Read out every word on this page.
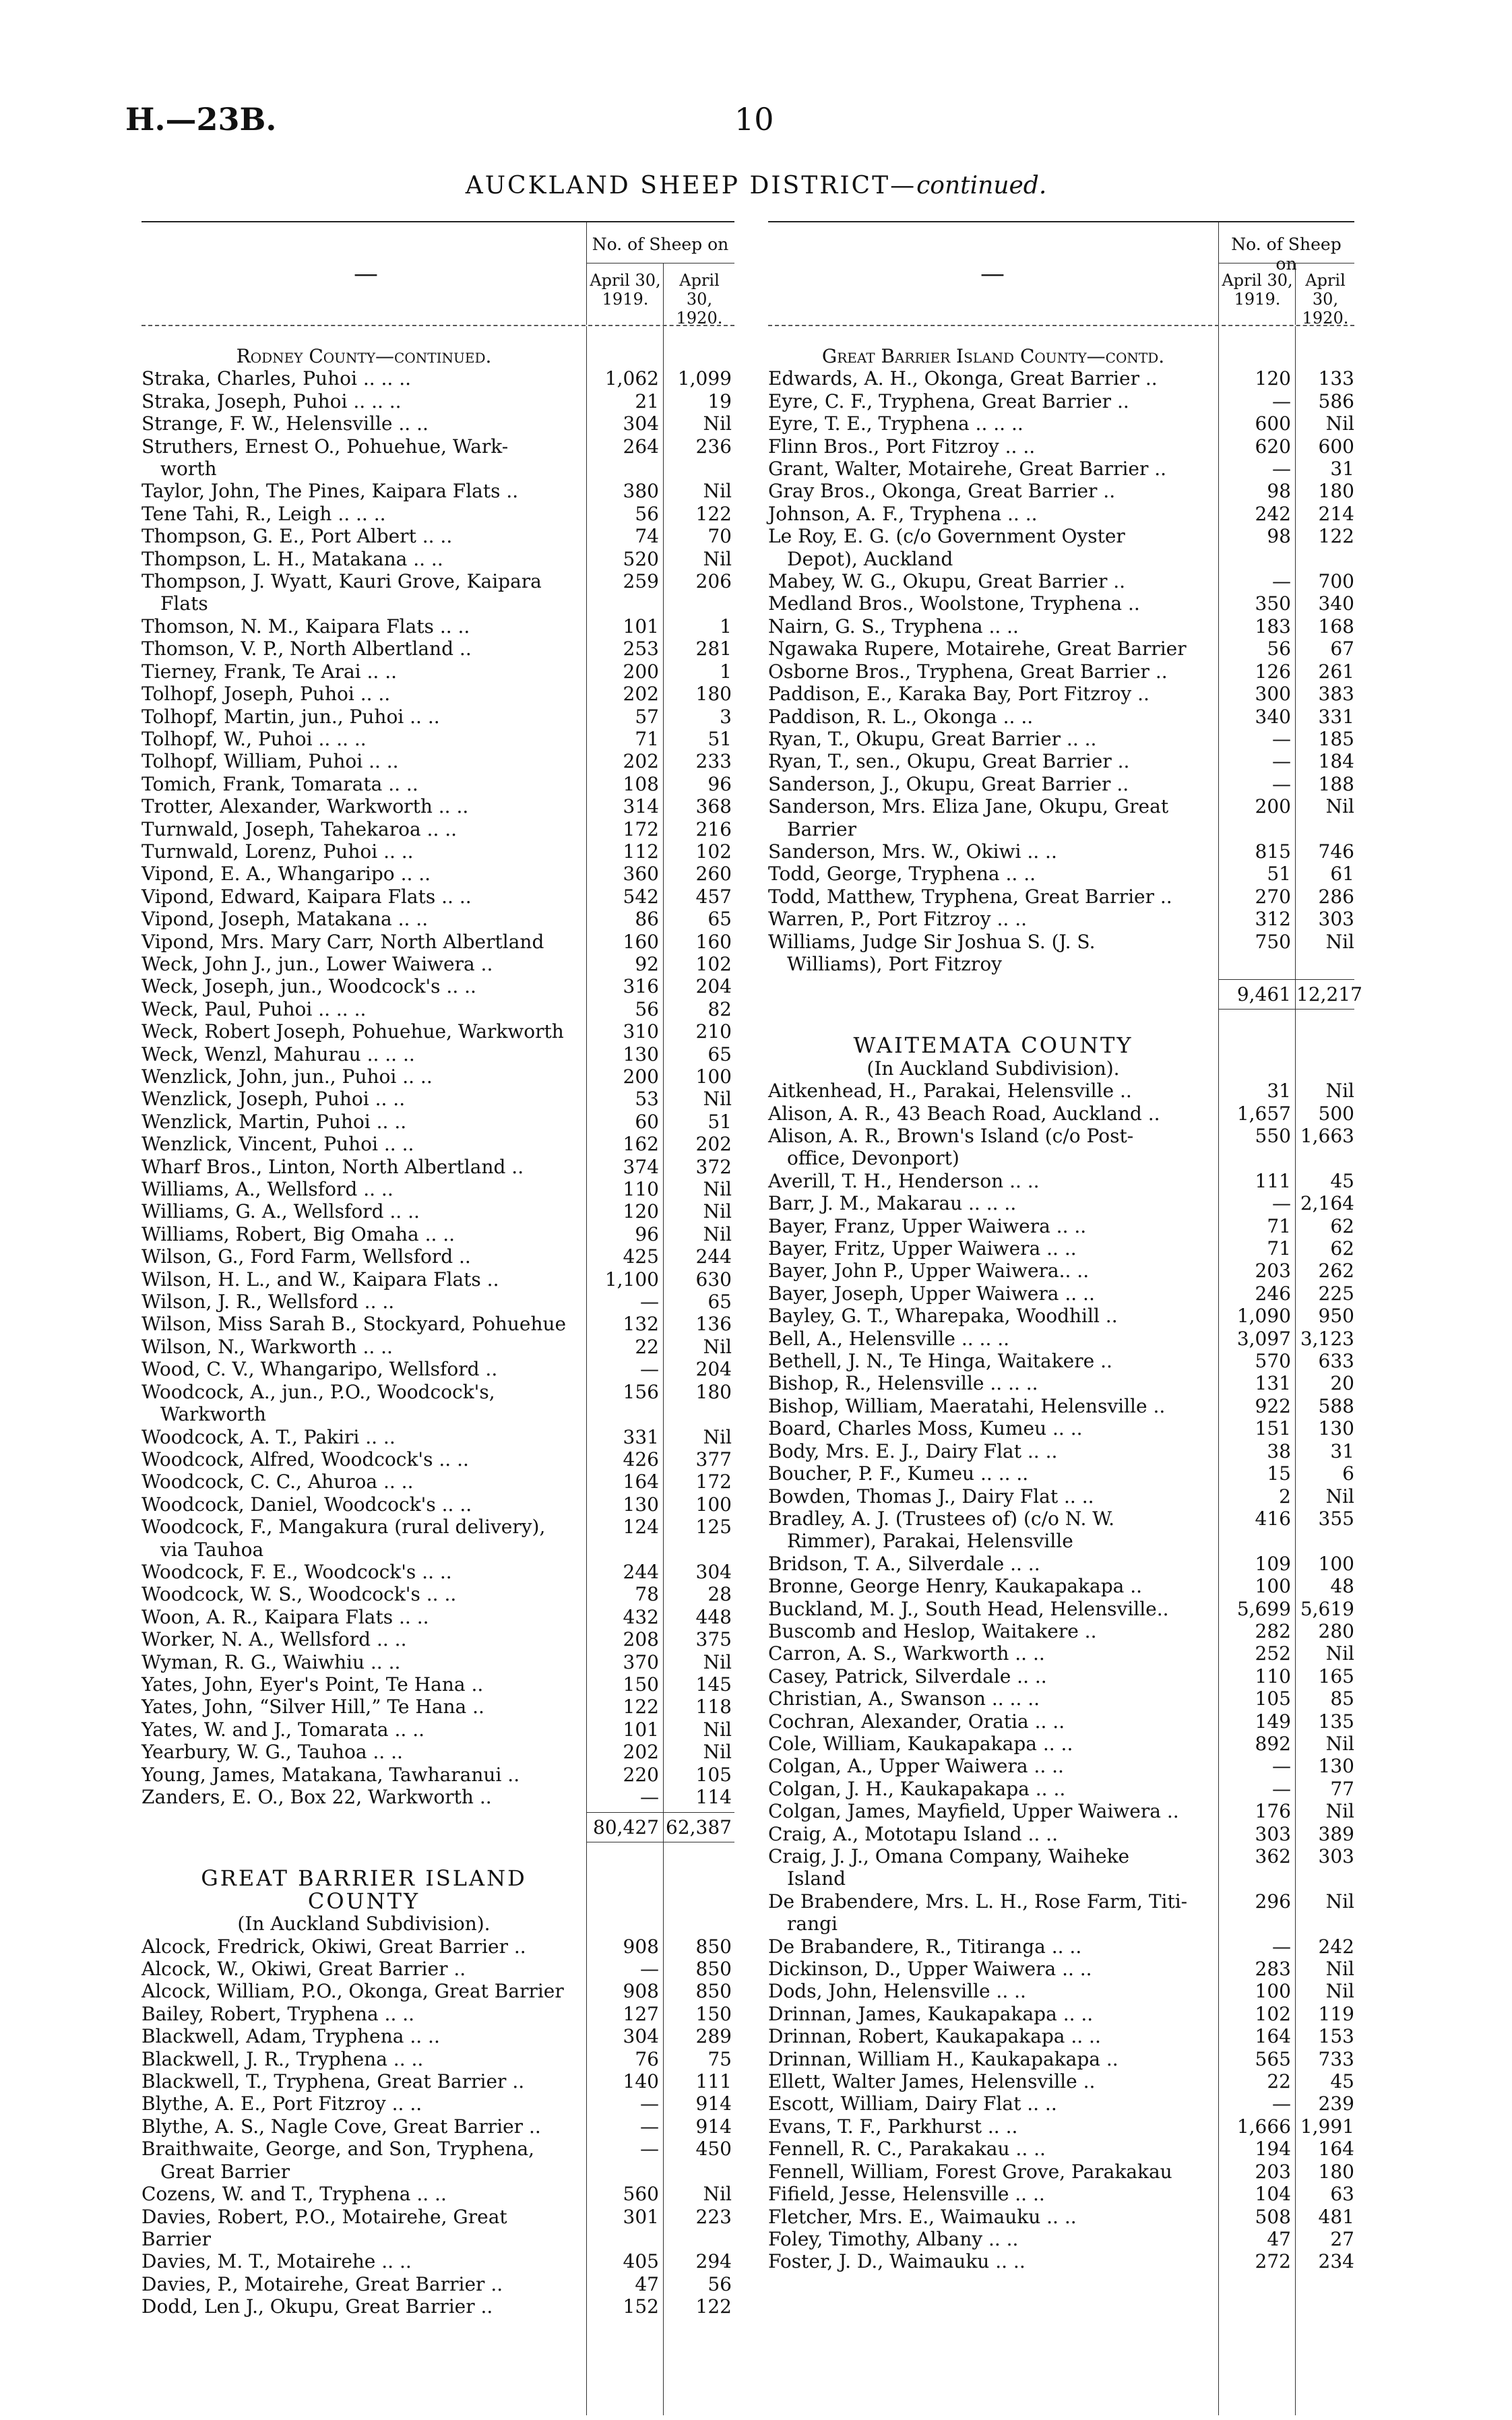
H.—23B.	10
AUCKLAND SHEEP DISTRICT—continued.
—
No. of Sheep on
April 30,
1919.
April 30,
1920.
Rodney County—continued.
Straka, Charles, Puhoi .. .. ..	1,062 1,099
Straka, Joseph, Puhoi .. .. ..	21	19
Strange, F. W., Helensville .. ..	304	Nil
Struthers, Ernest O., Pohuehue, Wark-
worth
264	236
Taylor, John, The Pines, Kaipara Flats ..	380	Nil
Tene Tahi, R., Leigh .. .. ..	56	122
Thompson, G. E., Port Albert .. ..	74	70
Thompson, L. H., Matakana .. ..	520	Nil
Thompson, J. Wyatt, Kauri Grove, Kaipara
Flats
259	206
Thomson, N. M., Kaipara Flats .. ..	101	1
Thomson, V. P., North Albertland ..	253	281
Tierney, Frank, Te Arai .. ..	200	1
Tolhopf, Joseph, Puhoi .. ..	202	180
Tolhopf, Martin, jun., Puhoi .. ..	57	3
Tolhopf, W., Puhoi .. .. ..	71	51
Tolhopf, William, Puhoi .. ..	202	233
Tomich, Frank, Tomarata .. ..	108	96
Trotter, Alexander, Warkworth .. ..	314	368
Turnwald, Joseph, Tahekaroa .. ..	172	216
Turnwald, Lorenz, Puhoi .. ..	112	102
Vipond, E. A., Whangaripo .. ..	360	260
Vipond, Edward, Kaipara Flats .. ..	542	457
Vipond, Joseph, Matakana .. ..	86	65
Vipond, Mrs. Mary Carr, North Albertland	160	160
Weck, John J., jun., Lower Waiwera ..	92	102
Weck, Joseph, jun., Woodcock's .. ..	316	204
Weck, Paul, Puhoi .. .. ..	56	82
Weck, Robert Joseph, Pohuehue, Warkworth	310	210
Weck, Wenzl, Mahurau .. .. ..	130	65
Wenzlick, John, jun., Puhoi .. ..	200	100
Wenzlick, Joseph, Puhoi .. ..	53	Nil
Wenzlick, Martin, Puhoi .. ..	60	51
Wenzlick, Vincent, Puhoi .. ..	162	202
Wharf Bros., Linton, North Albertland ..	374	372
Williams, A., Wellsford .. ..	110	Nil
Williams, G. A., Wellsford .. ..	120	Nil
Williams, Robert, Big Omaha .. ..	96	Nil
Wilson, G., Ford Farm, Wellsford ..	425	244
Wilson, H. L., and W., Kaipara Flats ..	1,100	630
Wilson, J. R., Wellsford .. ..	—	65
Wilson, Miss Sarah B., Stockyard, Pohuehue	132	136
Wilson, N., Warkworth .. ..	22	Nil
Wood, C. V., Whangaripo, Wellsford ..	—	204
Woodcock, A., jun., P.O., Woodcock's,
Warkworth
156	180
Woodcock, A. T., Pakiri .. ..	331	Nil
Woodcock, Alfred, Woodcock's .. ..	426	377
Woodcock, C. C., Ahuroa .. ..	164	172
Woodcock, Daniel, Woodcock's .. ..	130	100
Woodcock, F., Mangakura (rural delivery),
via Tauhoa
124	125
Woodcock, F. E., Woodcock's .. ..	244	304
Woodcock, W. S., Woodcock's .. ..	78	28
Woon, A. R., Kaipara Flats .. ..	432	448
Worker, N. A., Wellsford .. ..	208	375
Wyman, R. G., Waiwhiu .. ..	370	Nil
Yates, John, Eyer's Point, Te Hana ..	150	145
Yates, John, “Silver Hill,” Te Hana ..	122	118
Yates, W. and J., Tomarata .. ..	101	Nil
Yearbury, W. G., Tauhoa .. ..	202	Nil
Young, James, Matakana, Tawharanui ..	220	105
Zanders, E. O., Box 22, Warkworth ..	—	114
80,427 62,387
GREAT BARRIER ISLAND COUNTY
(In Auckland Subdivision).
Alcock, Fredrick, Okiwi, Great Barrier ..	908	850
Alcock, W., Okiwi, Great Barrier ..	—	850
Alcock, William, P.O., Okonga, Great Barrier	908	850
Bailey, Robert, Tryphena .. ..	127	150
Blackwell, Adam, Tryphena .. ..	304	289
Blackwell, J. R., Tryphena .. ..	76	75
Blackwell, T., Tryphena, Great Barrier ..	140	111
Blythe, A. E., Port Fitzroy .. ..	—	914
Blythe, A. S., Nagle Cove, Great Barrier ..	—	914
Braithwaite, George, and Son, Tryphena,
Great Barrier
—	450
Cozens, W. and T., Tryphena .. ..	560	Nil
Davies, Robert, P.O., Motairehe, Great Barrier
301	223
Davies, M. T., Motairehe .. ..	405	294
Davies, P., Motairehe, Great Barrier ..	47	56
Dodd, Len J., Okupu, Great Barrier ..	152	122
—
No. of Sheep on
April 30,
1919.
April 30,
1920.
Great Barrier Island County—contd.
Edwards, A. H., Okonga, Great Barrier ..	120	133
Eyre, C. F., Tryphena, Great Barrier ..	—	586
Eyre, T. E., Tryphena .. .. ..	600	Nil
Flinn Bros., Port Fitzroy .. ..	620	600
Grant, Walter, Motairehe, Great Barrier ..	—	31
Gray Bros., Okonga, Great Barrier ..	98	180
Johnson, A. F., Tryphena .. ..	242	214
Le Roy, E. G. (c/o Government Oyster
Depot), Auckland
98	122
Mabey, W. G., Okupu, Great Barrier ..	—	700
Medland Bros., Woolstone, Tryphena ..	350	340
Nairn, G. S., Tryphena .. ..	183	168
Ngawaka Rupere, Motairehe, Great Barrier	56	67
Osborne Bros., Tryphena, Great Barrier ..	126	261
Paddison, E., Karaka Bay, Port Fitzroy ..	300	383
Paddison, R. L., Okonga .. ..	340	331
Ryan, T., Okupu, Great Barrier .. ..	—	185
Ryan, T., sen., Okupu, Great Barrier ..	—	184
Sanderson, J., Okupu, Great Barrier ..	—	188
Sanderson, Mrs. Eliza Jane, Okupu, Great
Barrier
200	Nil
Sanderson, Mrs. W., Okiwi .. ..	815	746
Todd, George, Tryphena .. ..	51	61
Todd, Matthew, Tryphena, Great Barrier ..	270	286
Warren, P., Port Fitzroy .. ..	312	303
Williams, Judge Sir Joshua S. (J. S.
Williams), Port Fitzroy
750	Nil
9,461 12,217
WAITEMATA COUNTY
(In Auckland Subdivision).
Aitkenhead, H., Parakai, Helensville ..	31	Nil
Alison, A. R., 43 Beach Road, Auckland ..	1,657	500
Alison, A. R., Brown's Island (c/o Post-
office, Devonport)
550 1,663
Averill, T. H., Henderson .. ..	111	45
Barr, J. M., Makarau .. .. ..	— 2,164
Bayer, Franz, Upper Waiwera .. ..	71	62
Bayer, Fritz, Upper Waiwera .. ..	71	62
Bayer, John P., Upper Waiwera.. ..	203	262
Bayer, Joseph, Upper Waiwera .. ..	246	225
Bayley, G. T., Wharepaka, Woodhill ..	1,090	950
Bell, A., Helensville .. .. ..	3,097 3,123
Bethell, J. N., Te Hinga, Waitakere ..	570	633
Bishop, R., Helensville .. .. ..	131	20
Bishop, William, Maeratahi, Helensville ..	922	588
Board, Charles Moss, Kumeu .. ..	151	130
Body, Mrs. E. J., Dairy Flat .. ..	38	31
Boucher, P. F., Kumeu .. .. ..	15	6
Bowden, Thomas J., Dairy Flat .. ..	2	Nil
Bradley, A. J. (Trustees of) (c/o N. W.
Rimmer), Parakai, Helensville
416	355
Bridson, T. A., Silverdale .. ..	109	100
Bronne, George Henry, Kaukapakapa ..	100	48
Buckland, M. J., South Head, Helensville..	5,699 5,619
Buscomb and Heslop, Waitakere ..	282	280
Carron, A. S., Warkworth .. ..	252	Nil
Casey, Patrick, Silverdale .. ..	110	165
Christian, A., Swanson .. .. ..	105	85
Cochran, Alexander, Oratia .. ..	149	135
Cole, William, Kaukapakapa .. ..	892	Nil
Colgan, A., Upper Waiwera .. ..	—	130
Colgan, J. H., Kaukapakapa .. ..	—	77
Colgan, James, Mayfield, Upper Waiwera ..	176	Nil
Craig, A., Mototapu Island .. ..	303	389
Craig, J. J., Omana Company, Waiheke
Island
362	303
De Brabendere, Mrs. L. H., Rose Farm, Titi-
rangi
296	Nil
De Brabandere, R., Titiranga .. ..	—	242
Dickinson, D., Upper Waiwera .. ..	283	Nil
Dods, John, Helensville .. ..	100	Nil
Drinnan, James, Kaukapakapa .. ..	102	119
Drinnan, Robert, Kaukapakapa .. ..	164	153
Drinnan, William H., Kaukapakapa ..	565	733
Ellett, Walter James, Helensville ..	22	45
Escott, William, Dairy Flat .. ..	—	239
Evans, T. F., Parkhurst .. ..	1,666 1,991
Fennell, R. C., Parakakau .. ..	194	164
Fennell, William, Forest Grove, Parakakau	203	180
Fifield, Jesse, Helensville .. ..	104	63
Fletcher, Mrs. E., Waimauku .. ..	508	481
Foley, Timothy, Albany .. ..	47	27
Foster, J. D., Waimauku .. ..	272	234
